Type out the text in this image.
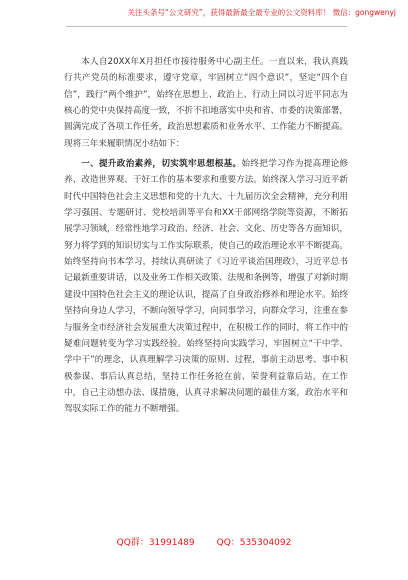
关注头条号“公文研究”，获得最新最全最专业的公文资料库！ 微信：gongwenyj

本人自20XX年X月担任市接待服务中心副主任。一直以来，我认真践行共产党员的标准要求，遵守党章，牢固树立“四个意识”，坚定“四个自信”，践行“两个维护”，始终在思想上、政治上、行动上同以习近平同志为核心的党中央保持高度一致，不折不扣地落实中央和省、市委的决策部署，圆满完成了各项工作任务，政治思想素质和业务水平、工作能力不断提高。现将三年来履职情况小结如下：

一、提升政治素养，切实筑牢思想根基。始终把学习作为提高理论修养、改造世界观、干好工作的基本要求和重要方法。始终深入学习习近平新时代中国特色社会主义思想和党的十九大、十九届历次全会精神，充分利用学习强国、专题研讨、党校培训等平台和XX干部网络学院等资源，不断拓展学习领域，经常性地学习政治、经济、社会、文化、历史等各方面知识，努力将学到的知识切实与工作实际联系，使自己的政治理论水平不断提高。始终坚持向书本学习，持续认真研读了《习近平谈治国理政》，习近平总书记最新重要讲话，以及业务工作相关政策、法规和条例等，增强了对新时期建设中国特色社会主义的理论认识，提高了自身政治修养和理论水平。始终坚持向身边人学习，不断向领导学习，向同事学习，向群众学习，注重在参与服务全市经济社会发展重大决策过程中，在积极工作的同时，将工作中的疑难问题转变为学习实践经验。始终坚持向实践学习，牢固树立“干中学、学中干”的理念，认真理解学习决策的原则、过程，事前主动思考、事中积极参谋、事后认真总结，坚持工作任务抢在前、荣誉利益靠后站，在工作中，自己主动想办法、谋措施，认真寻求解决问题的最佳方案，政治水平和驾驭实际工作的能力不断增强。

QQ群：31991489 QQ：535304092
